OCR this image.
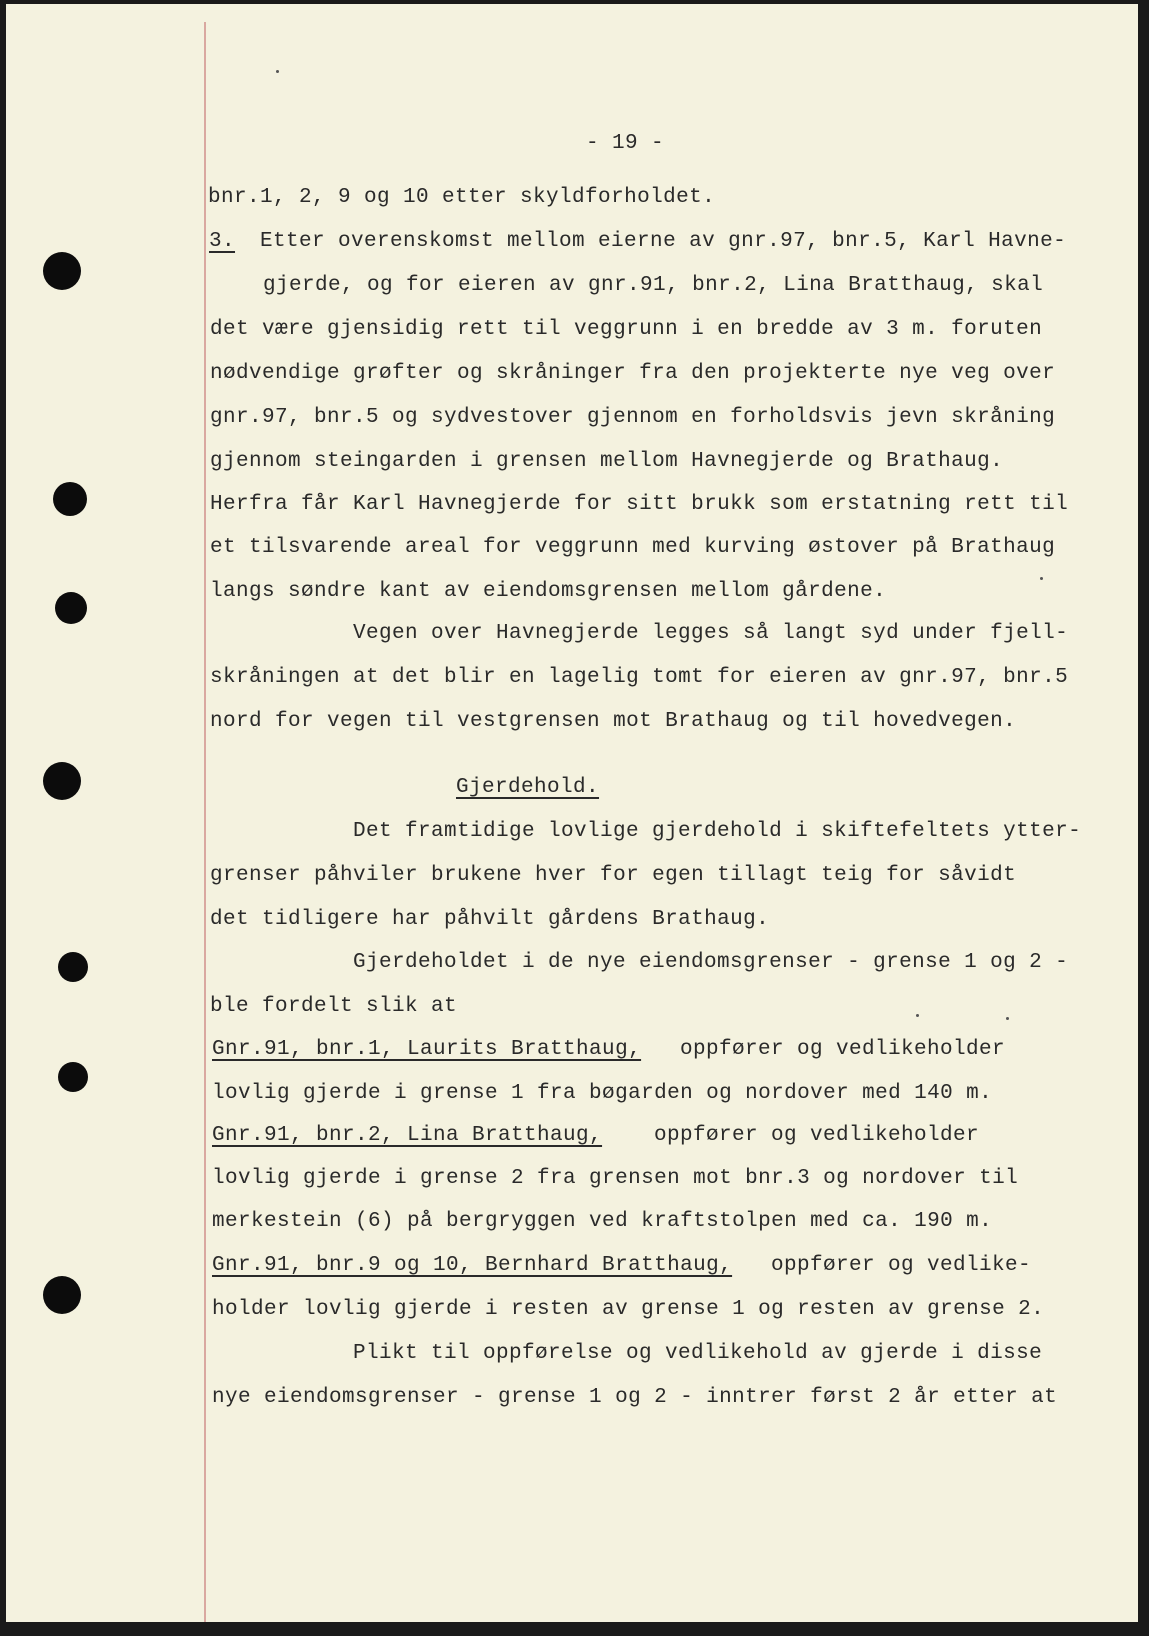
- 19 -
bnr.1, 2, 9 og 10 etter skyldforholdet.
3. Etter overenskomst mellom eierne av gnr.97, bnr.5, Karl Havne-
gjerde, og for eieren av gnr.91, bnr.2, Lina Bratthaug, skal
det være gjensidig rett til veggrunn i en bredde av 3 m. foruten
nødvendige grøfter og skråninger fra den projekterte nye veg over
gnr.97, bnr.5 og sydvestover gjennom en forholdsvis jevn skråning
gjennom steingarden i grensen mellom Havnegjerde og Brathaug.
Herfra får Karl Havnegjerde for sitt brukk som erstatning rett til
et tilsvarende areal for veggrunn med kurving østover på Brathaug
langs søndre kant av eiendomsgrensen mellom gårdene.
Vegen over Havnegjerde legges så langt syd under fjell-
skråningen at det blir en lagelig tomt for eieren av gnr.97, bnr.5
nord for vegen til vestgrensen mot Brathaug og til hovedvegen.
Gjerdehold.
Det framtidige lovlige gjerdehold i skiftefeltets ytter-
grenser påhviler brukene hver for egen tillagt teig for såvidt
det tidligere har påhvilt gårdens Brathaug.
Gjerdeholdet i de nye eiendomsgrenser - grense 1 og 2 -
ble fordelt slik at
Gnr.91, bnr.1, Laurits Bratthaug, oppfører og vedlikeholder
lovlig gjerde i grense 1 fra bøgarden og nordover med 140 m.
Gnr.91, bnr.2, Lina Bratthaug, oppfører og vedlikeholder
lovlig gjerde i grense 2 fra grensen mot bnr.3 og nordover til
merkestein (6) på bergryggen ved kraftstolpen med ca. 190 m.
Gnr.91, bnr.9 og 10, Bernhard Bratthaug, oppfører og vedlike-
holder lovlig gjerde i resten av grense 1 og resten av grense 2.
Plikt til oppførelse og vedlikehold av gjerde i disse
nye eiendomsgrenser - grense 1 og 2 - inntrer først 2 år etter at
